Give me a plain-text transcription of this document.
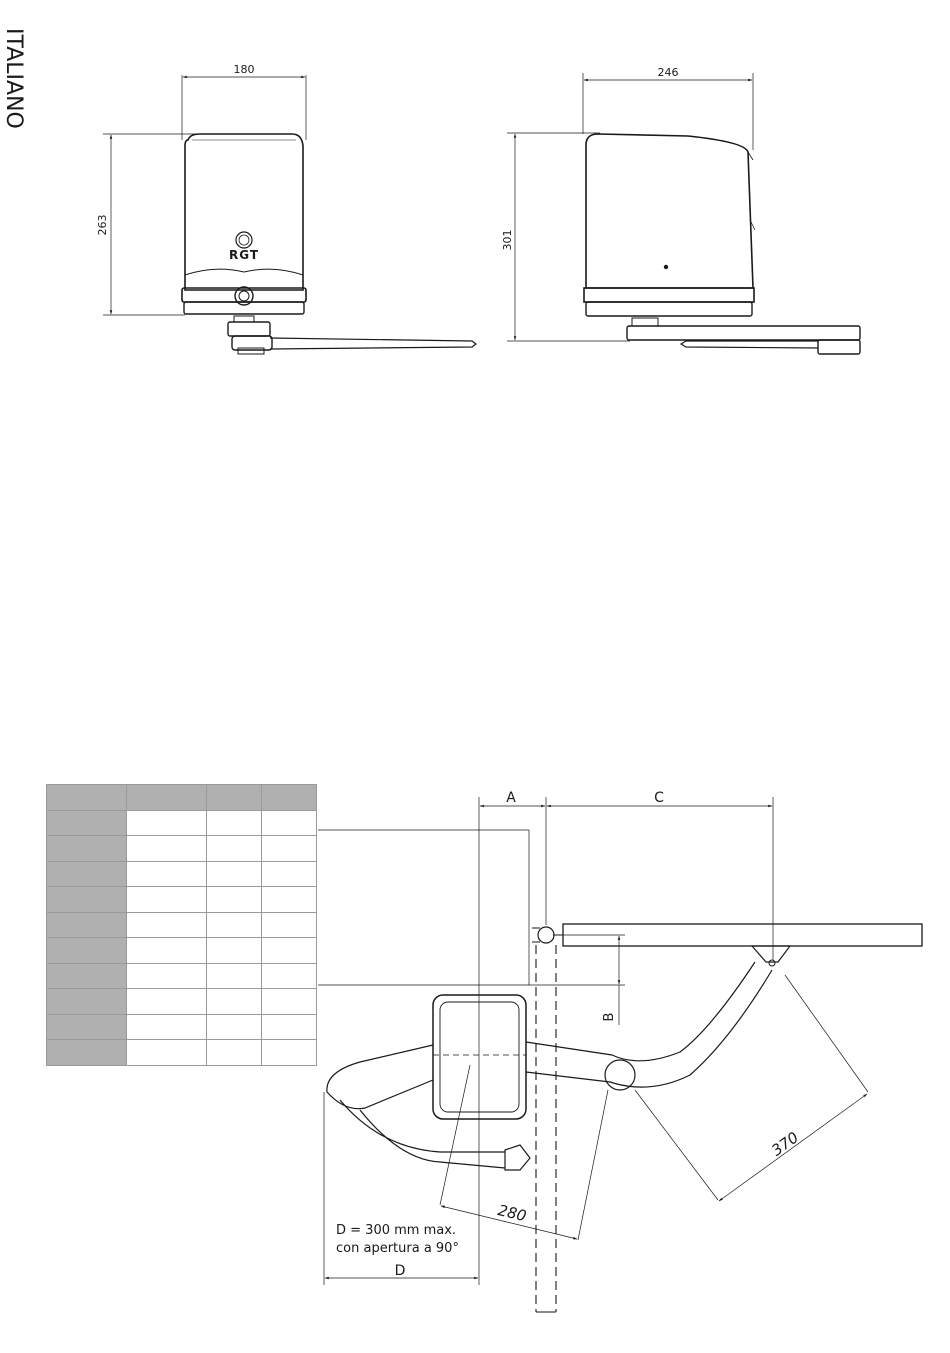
ITALIANO	180
263
RGT
246
301

A	C
B
280
370
D = 300 mm max.
con apertura a 90°
D
